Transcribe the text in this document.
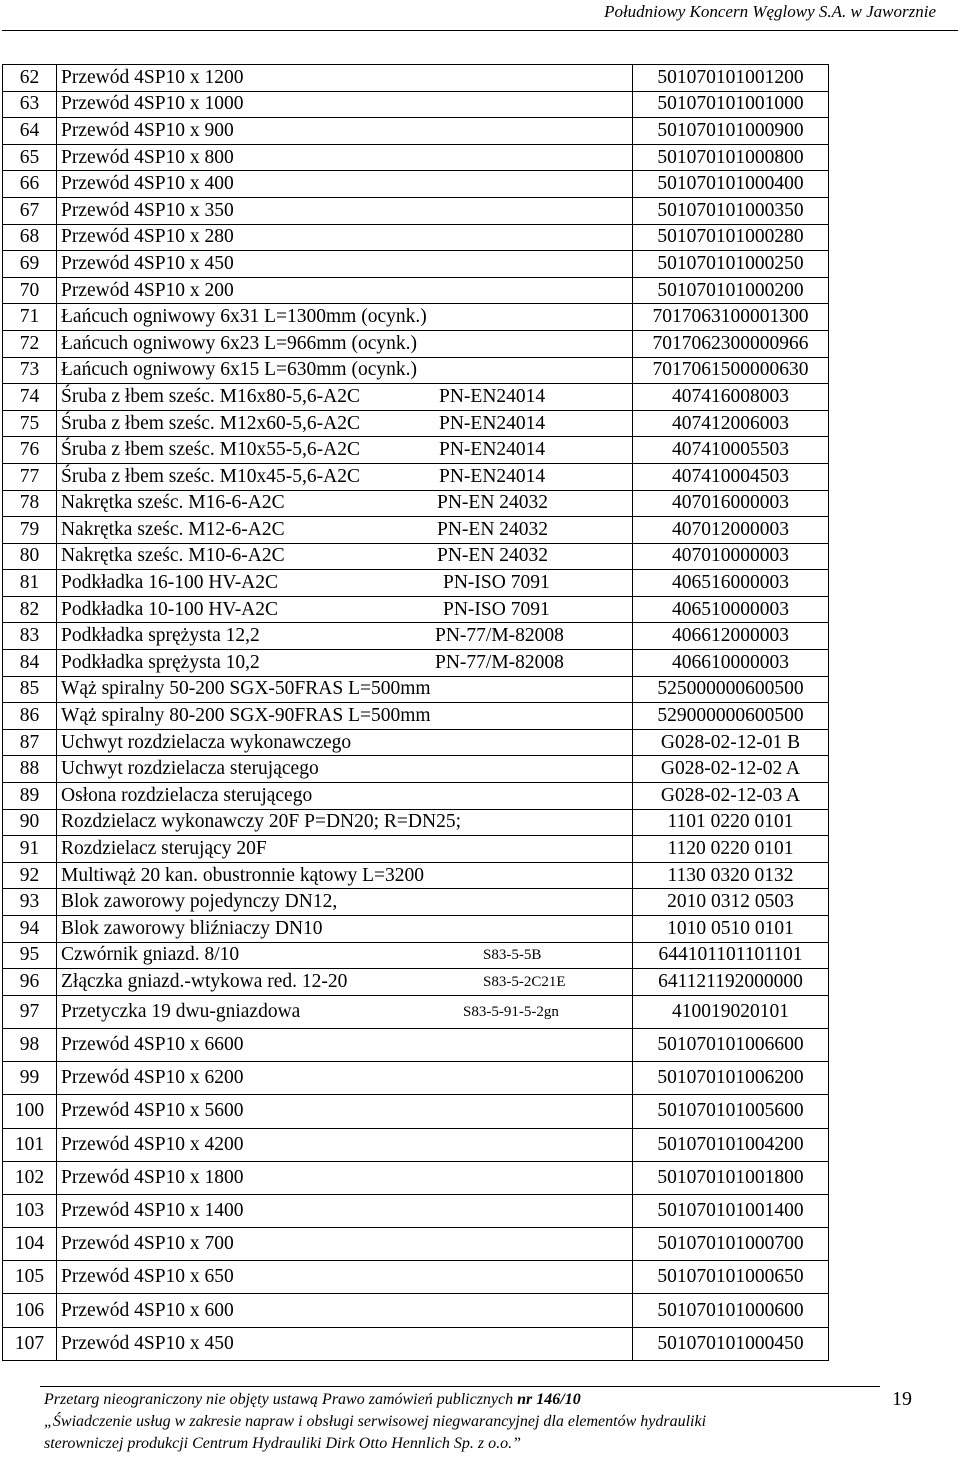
Południowy Koncern Węglowy S.A. w Jaworznie
62	Przewód 4SP10 x 1200	501070101001200
63	Przewód 4SP10 x 1000	501070101001000
64	Przewód 4SP10 x 900	501070101000900
65	Przewód 4SP10 x 800	501070101000800
66	Przewód 4SP10 x 400	501070101000400
67	Przewód 4SP10 x 350	501070101000350
68	Przewód 4SP10 x 280	501070101000280
69	Przewód 4SP10 x 450	501070101000250
70	Przewód 4SP10 x 200	501070101000200
71	Łańcuch ogniwowy 6x31 L=1300mm (ocynk.)	7017063100001300
72	Łańcuch ogniwowy 6x23 L=966mm (ocynk.)	7017062300000966
73	Łańcuch ogniwowy 6x15 L=630mm (ocynk.)	7017061500000630
74	Śruba z łbem sześc. M16x80-5,6-A2C PN-EN24014	407416008003
75	Śruba z łbem sześc. M12x60-5,6-A2C PN-EN24014	407412006003
76	Śruba z łbem sześc. M10x55-5,6-A2C PN-EN24014	407410005503
77	Śruba z łbem sześc. M10x45-5,6-A2C PN-EN24014	407410004503
78	Nakrętka sześc. M16-6-A2C PN-EN 24032	407016000003
79	Nakrętka sześc. M12-6-A2C PN-EN 24032	407012000003
80	Nakrętka sześc. M10-6-A2C PN-EN 24032	407010000003
81	Podkładka 16-100 HV-A2C PN-ISO 7091	406516000003
82	Podkładka 10-100 HV-A2C PN-ISO 7091	406510000003
83	Podkładka sprężysta 12,2 PN-77/M-82008	406612000003
84	Podkładka sprężysta 10,2 PN-77/M-82008	406610000003
85	Wąż spiralny 50-200 SGX-50FRAS L=500mm	525000000600500
86	Wąż spiralny 80-200 SGX-90FRAS L=500mm	529000000600500
87	Uchwyt rozdzielacza wykonawczego	G028-02-12-01 B
88	Uchwyt rozdzielacza sterującego	G028-02-12-02 A
89	Osłona rozdzielacza sterującego	G028-02-12-03 A
90	Rozdzielacz wykonawczy 20F P=DN20; R=DN25;	1101 0220 0101
91	Rozdzielacz sterujący 20F	1120 0220 0101
92	Multiwąż 20 kan. obustronnie kątowy L=3200	1130 0320 0132
93	Blok zaworowy pojedynczy DN12,	2010 0312 0503
94	Blok zaworowy bliźniaczy DN10	1010 0510 0101
95	Czwórnik gniazd. 8/10 S83-5-5B	644101101101101
96	Złączka gniazd.-wtykowa red. 12-20 S83-5-2C21E	641121192000000
97	Przetyczka 19 dwu-gniazdowa S83-5-91-5-2gn	410019020101
98	Przewód 4SP10 x 6600	501070101006600
99	Przewód 4SP10 x 6200	501070101006200
100	Przewód 4SP10 x 5600	501070101005600
101	Przewód 4SP10 x 4200	501070101004200
102	Przewód 4SP10 x 1800	501070101001800
103	Przewód 4SP10 x 1400	501070101001400
104	Przewód 4SP10 x 700	501070101000700
105	Przewód 4SP10 x 650	501070101000650
106	Przewód 4SP10 x 600	501070101000600
107	Przewód 4SP10 x 450	501070101000450
Przetarg nieograniczony nie objęty ustawą Prawo zamówień publicznych nr 146/10
„Świadczenie usług w zakresie napraw i obsługi serwisowej niegwarancyjnej dla elementów hydrauliki
sterowniczej produkcji Centrum Hydrauliki Dirk Otto Hennlich Sp. z o.o.”
19
